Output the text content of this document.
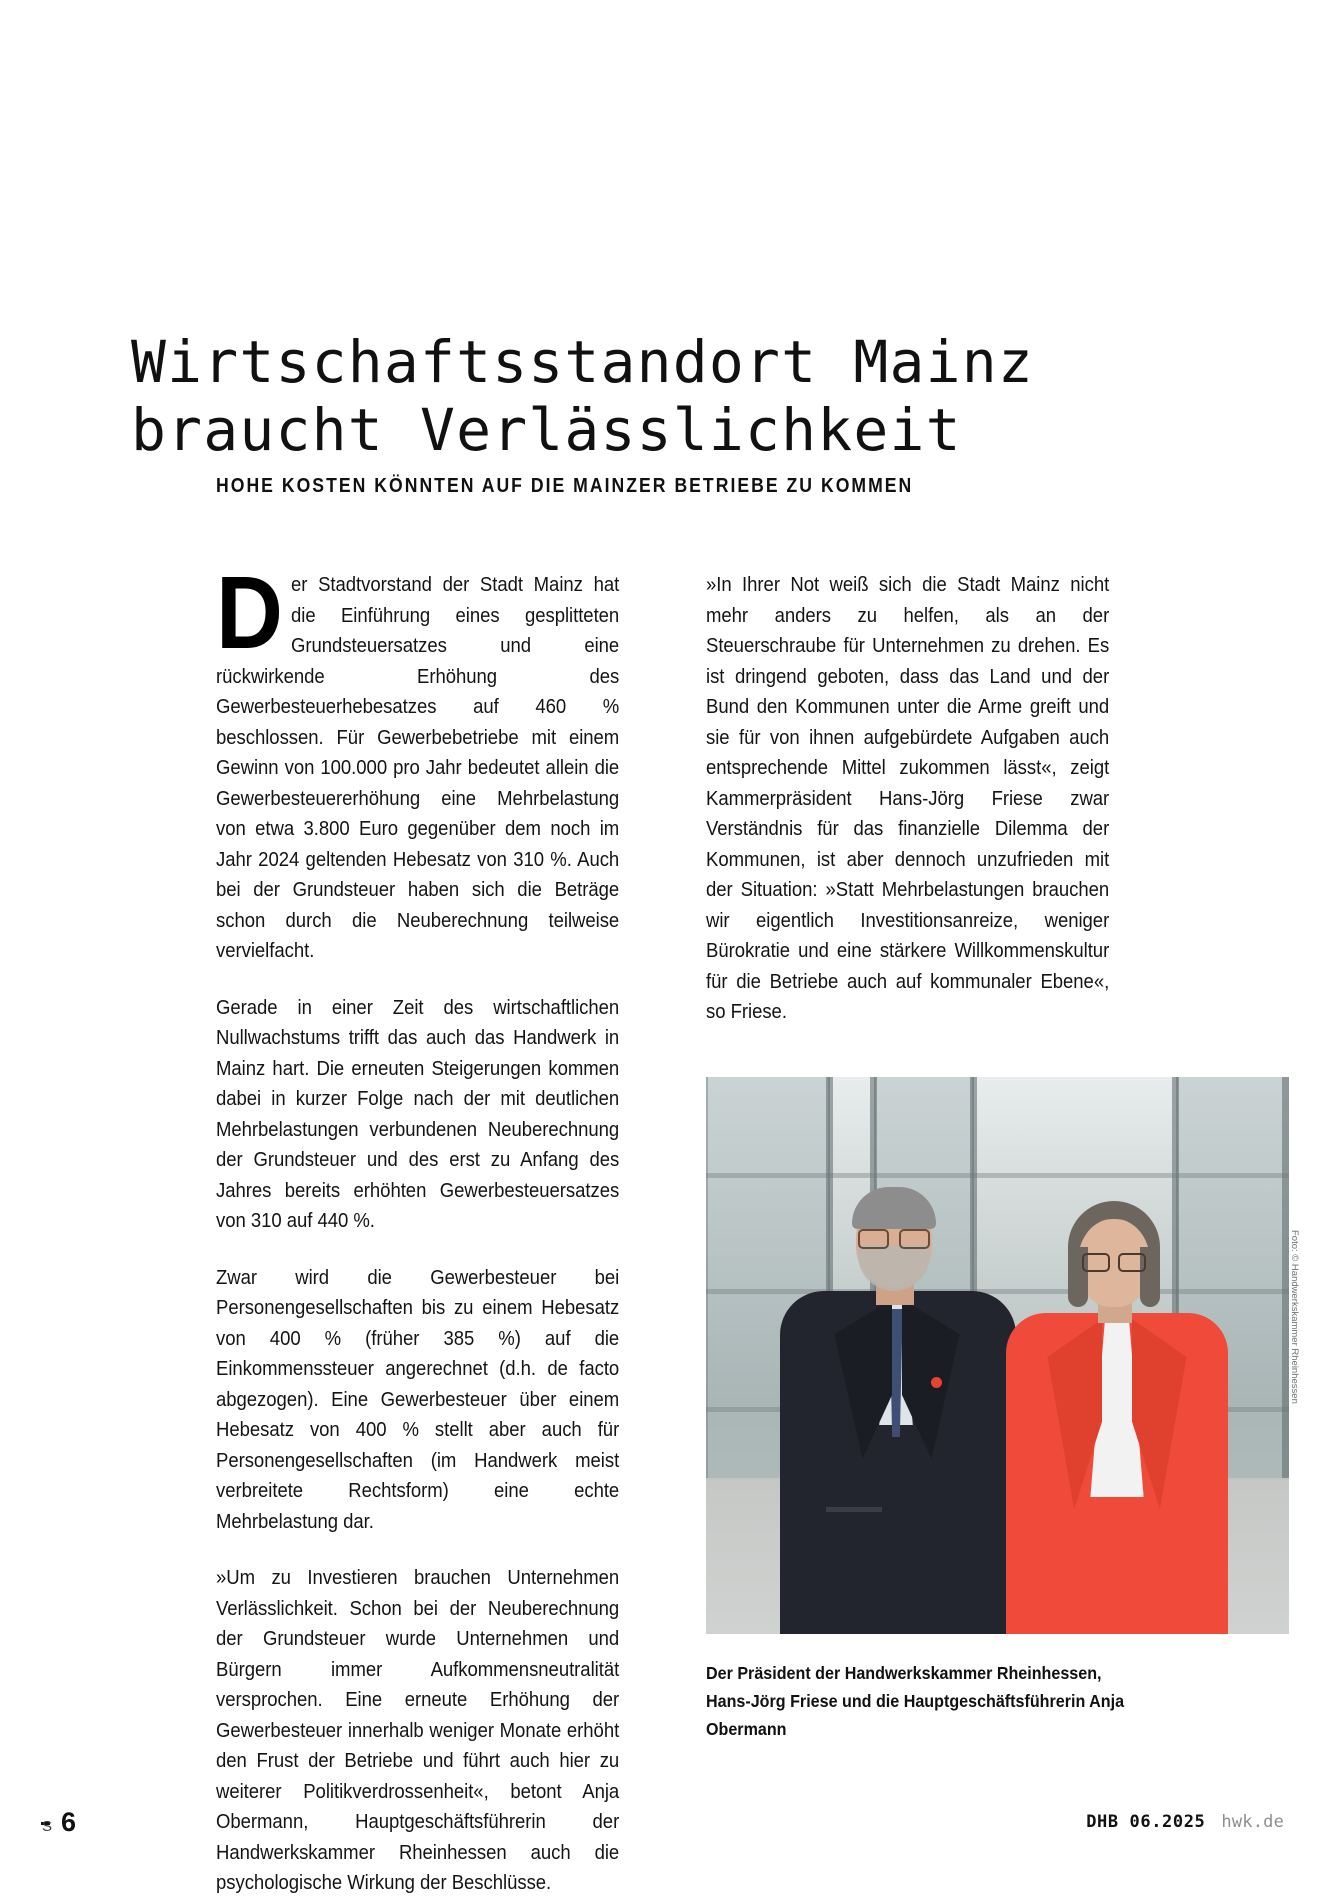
Wirtschaftsstandort Mainz
braucht Verlässlichkeit
HOHE KOSTEN KÖNNTEN AUF DIE MAINZER BETRIEBE ZU KOMMEN

Der Stadtvorstand der Stadt Mainz hat die Einführung eines gesplitteten Grundsteuersatzes und eine rückwirkende Erhöhung des Gewerbesteuerhebesatzes auf 460 % beschlossen. Für Gewerbebetriebe mit einem Gewinn von 100.000 pro Jahr bedeutet allein die Gewerbesteuererhöhung eine Mehrbelastung von etwa 3.800 Euro gegenüber dem noch im Jahr 2024 geltenden Hebesatz von 310 %. Auch bei der Grundsteuer haben sich die Beträge schon durch die Neuberechnung teilweise vervielfacht.

Gerade in einer Zeit des wirtschaftlichen Nullwachstums trifft das auch das Handwerk in Mainz hart. Die erneuten Steigerungen kommen dabei in kurzer Folge nach der mit deutlichen Mehrbelastungen verbundenen Neuberechnung der Grundsteuer und des erst zu Anfang des Jahres bereits erhöhten Gewerbesteuersatzes von 310 auf 440 %.

Zwar wird die Gewerbesteuer bei Personengesellschaften bis zu einem Hebesatz von 400 % (früher 385 %) auf die Einkommenssteuer angerechnet (d.h. de facto abgezogen). Eine Gewerbesteuer über einem Hebesatz von 400 % stellt aber auch für Personengesellschaften (im Handwerk meist verbreitete Rechtsform) eine echte Mehrbelastung dar.

»Um zu Investieren brauchen Unternehmen Verlässlichkeit. Schon bei der Neuberechnung der Grundsteuer wurde Unternehmen und Bürgern immer Aufkommensneutralität versprochen. Eine erneute Erhöhung der Gewerbesteuer innerhalb weniger Monate erhöht den Frust der Betriebe und führt auch hier zu weiterer Politikverdrossenheit«, betont Anja Obermann, Hauptgeschäftsführerin der Handwerkskammer Rheinhessen auch die psychologische Wirkung der Beschlüsse.

»In Ihrer Not weiß sich die Stadt Mainz nicht mehr anders zu helfen, als an der Steuerschraube für Unternehmen zu drehen. Es ist dringend geboten, dass das Land und der Bund den Kommunen unter die Arme greift und sie für von ihnen aufgebürdete Aufgaben auch entsprechende Mittel zukommen lässt«, zeigt Kammerpräsident Hans-Jörg Friese zwar Verständnis für das finanzielle Dilemma der Kommunen, ist aber dennoch unzufrieden mit der Situation: »Statt Mehrbelastungen brauchen wir eigentlich Investitionsanreize, weniger Bürokratie und eine stärkere Willkommenskultur für die Betriebe auch auf kommunaler Ebene«, so Friese.

Foto: © Handwerkskammer Rheinhessen
Der Präsident der Handwerkskammer Rheinhessen, Hans-Jörg Friese und die Hauptgeschäftsführerin Anja Obermann
S 6	DHB 06.2025 hwk.de
